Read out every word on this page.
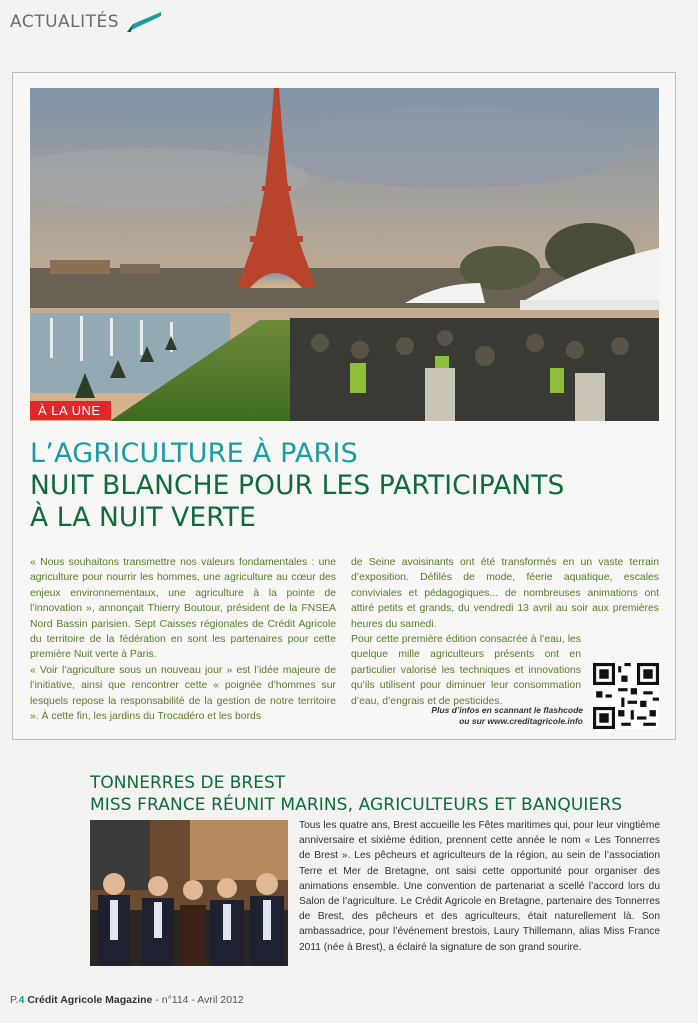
ACTUALITÉS
À LA UNE
L’AGRICULTURE À PARIS
NUIT BLANCHE POUR LES PARTICIPANTS
À LA NUIT VERTE

« Nous souhaitons transmettre nos valeurs fondamentales : une agriculture pour nourrir les hommes, une agriculture au cœur des enjeux environnementaux, une agriculture à la pointe de l’innovation », annonçait Thierry Boutour, président de la FNSEA Nord Bassin parisien. Sept Caisses régionales de Crédit Agricole du territoire de la fédération en sont les partenaires pour cette première Nuit verte à Paris.

« Voir l’agriculture sous un nouveau jour » est l’idée majeure de l’initiative, ainsi que rencontrer cette « poignée d’hommes sur lesquels repose la responsabilité de la gestion de notre territoire ». À cette fin, les jardins du Trocadéro et les bords

de Seine avoisinants ont été transformés en un vaste terrain d’exposition. Défilés de mode, féerie aquatique, escales conviviales et pédagogiques... de nombreuses animations ont attiré petits et grands, du vendredi 13 avril au soir aux premières heures du samedi.

Pour cette première édition consacrée à l’eau, les quelque mille agriculteurs présents ont en particulier valorisé les techniques et innovations qu’ils utilisent pour diminuer leur consommation d’eau, d’engrais et de pesticides.

Plus d’infos en scannant le flashcode
ou sur www.creditagricole.info
TONNERRES DE BREST
MISS FRANCE RÉUNIT MARINS, AGRICULTEURS ET BANQUIERS
Tous les quatre ans, Brest accueille les Fêtes maritimes qui, pour leur vingtième anniversaire et sixième édition, prennent cette année le nom « Les Tonnerres de Brest ». Les pêcheurs et agriculteurs de la région, au sein de l’association Terre et Mer de Bretagne, ont saisi cette opportunité pour organiser des animations ensemble. Une convention de partenariat a scellé l’accord lors du Salon de l’agriculture. Le Crédit Agricole en Bretagne, partenaire des Tonnerres de Brest, des pêcheurs et des agriculteurs, était naturellement là. Son ambassadrice, pour l’événement brestois, Laury Thillemann, alias Miss France 2011 (née à Brest), a éclairé la signature de son grand sourire.
P.4 Crédit Agricole Magazine - n°114 - Avril 2012
